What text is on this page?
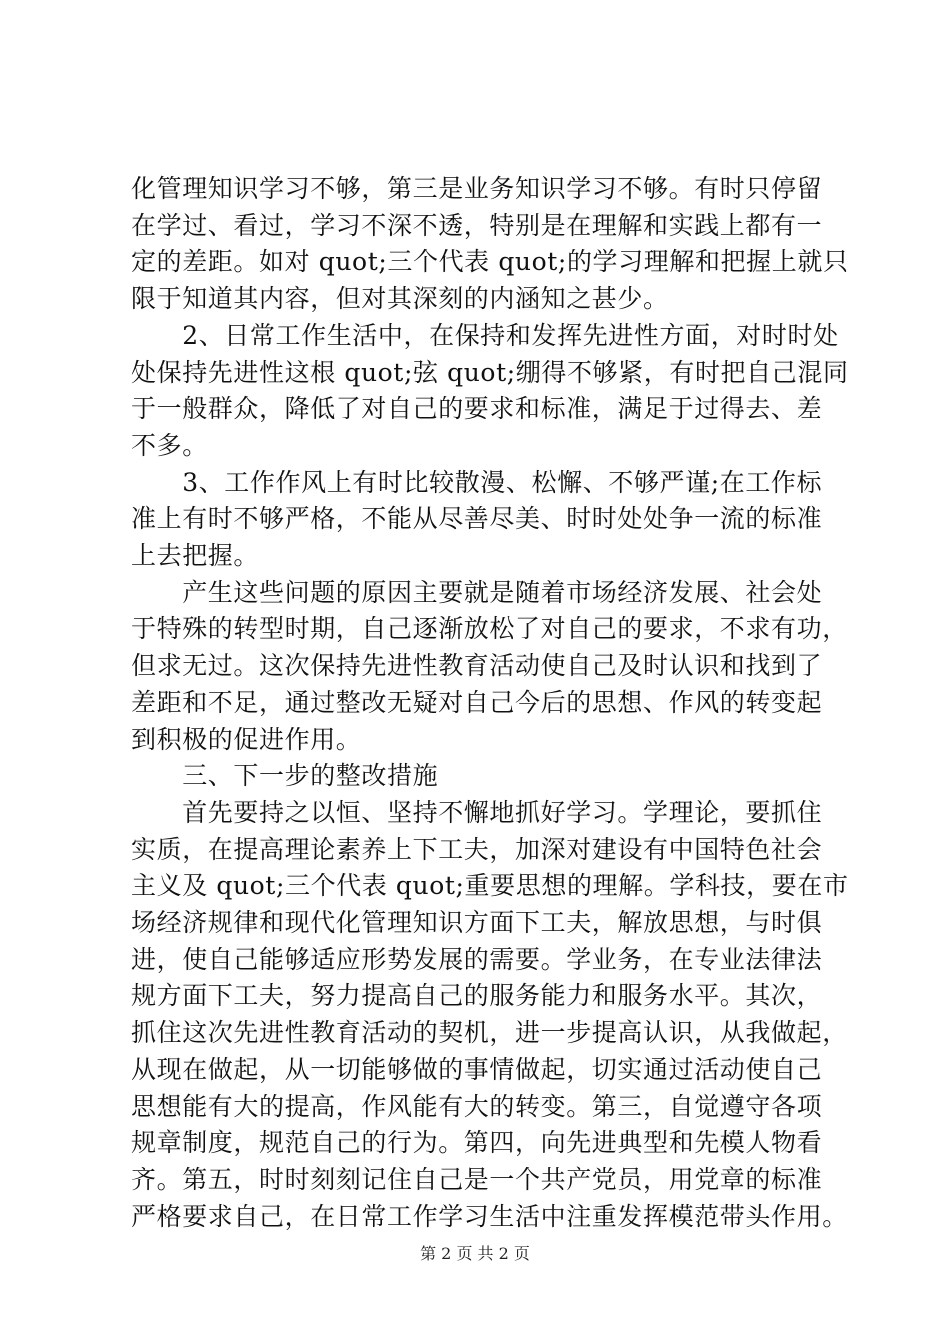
化管理知识学习不够，第三是业务知识学习不够。有时只停留
在学过、看过，学习不深不透，特别是在理解和实践上都有一
定的差距。如对 quot;三个代表 quot;的学习理解和把握上就只
限于知道其内容，但对其深刻的内涵知之甚少。
　　2、日常工作生活中，在保持和发挥先进性方面，对时时处
处保持先进性这根 quot;弦 quot;绷得不够紧，有时把自己混同
于一般群众，降低了对自己的要求和标准，满足于过得去、差
不多。
　　3、工作作风上有时比较散漫、松懈、不够严谨;在工作标
准上有时不够严格，不能从尽善尽美、时时处处争一流的标准
上去把握。
　　产生这些问题的原因主要就是随着市场经济发展、社会处
于特殊的转型时期，自己逐渐放松了对自己的要求，不求有功，
但求无过。这次保持先进性教育活动使自己及时认识和找到了
差距和不足，通过整改无疑对自己今后的思想、作风的转变起
到积极的促进作用。
　　三、下一步的整改措施
　　首先要持之以恒、坚持不懈地抓好学习。学理论，要抓住
实质，在提高理论素养上下工夫，加深对建设有中国特色社会
主义及 quot;三个代表 quot;重要思想的理解。学科技，要在市
场经济规律和现代化管理知识方面下工夫，解放思想，与时俱
进，使自己能够适应形势发展的需要。学业务，在专业法律法
规方面下工夫，努力提高自己的服务能力和服务水平。其次，
抓住这次先进性教育活动的契机，进一步提高认识，从我做起，
从现在做起，从一切能够做的事情做起，切实通过活动使自己
思想能有大的提高，作风能有大的转变。第三，自觉遵守各项
规章制度，规范自己的行为。第四，向先进典型和先模人物看
齐。第五，时时刻刻记住自己是一个共产党员，用党章的标准
严格要求自己，在日常工作学习生活中注重发挥模范带头作用。
第 2 页 共 2 页
